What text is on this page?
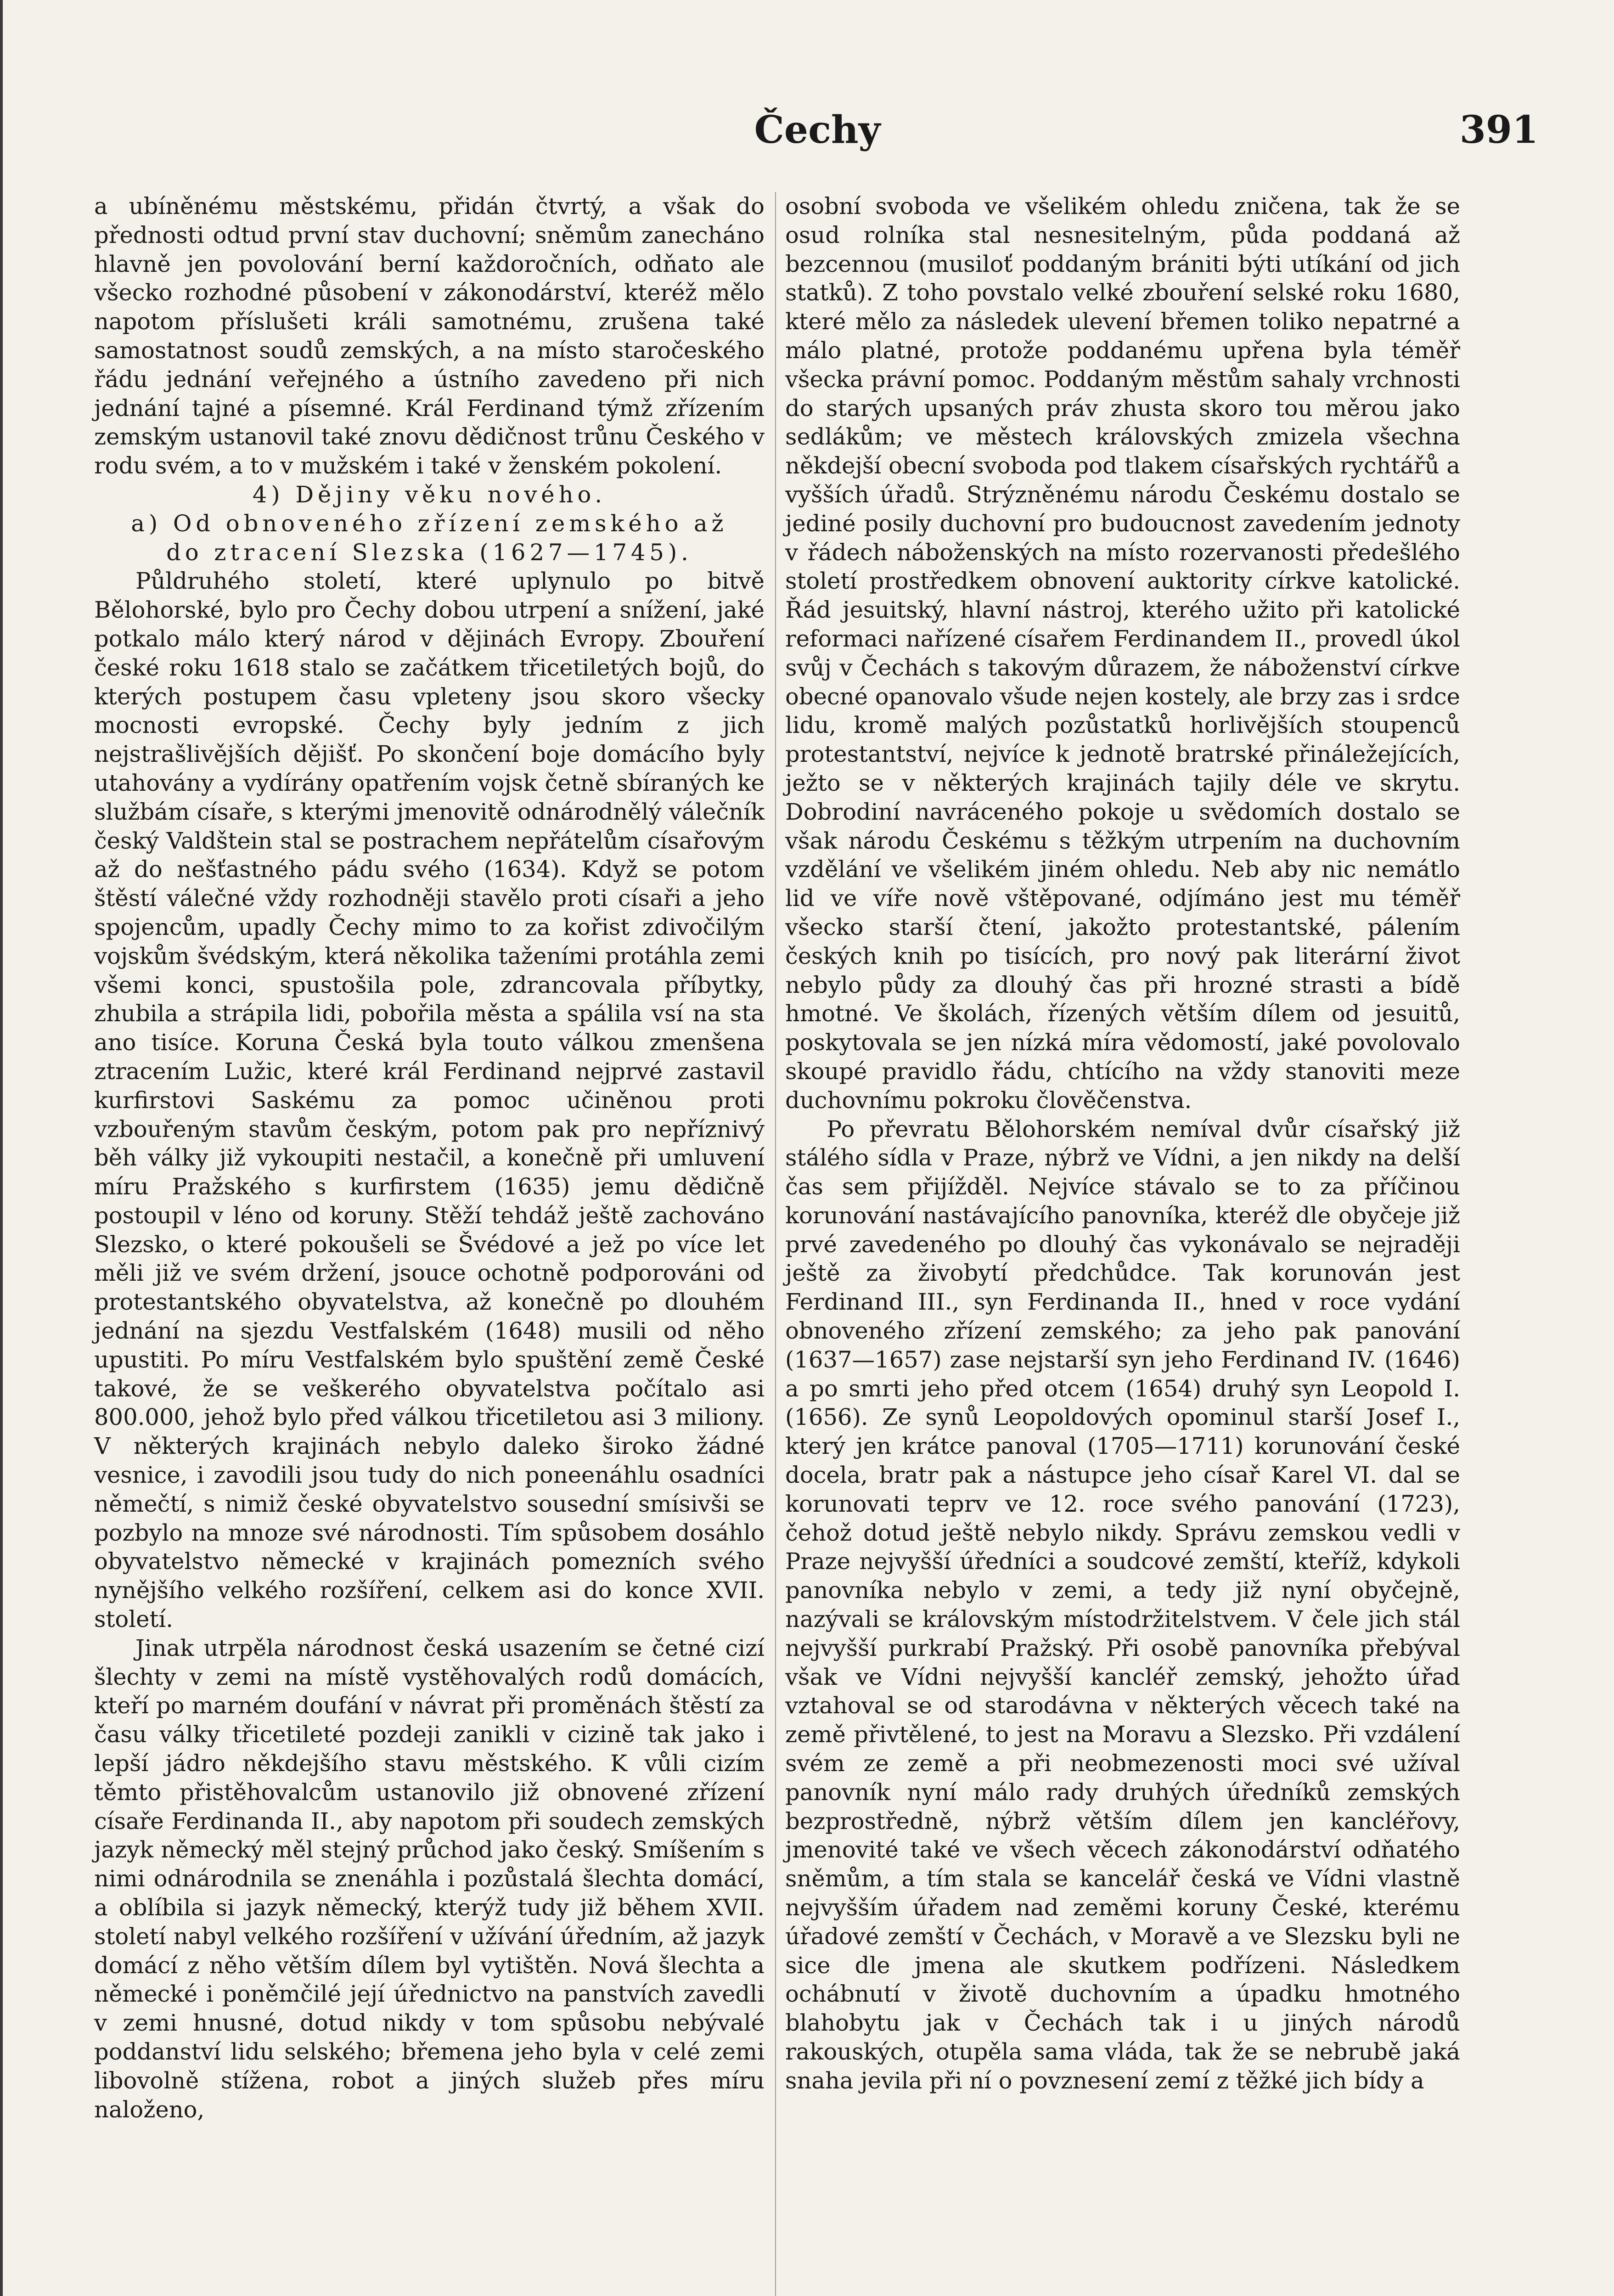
Čechy	391

a ubíněnému městskému, přidán čtvrtý, a však do přednosti odtud první stav duchovní; sněmům zanecháno hlavně jen povolování berní každoročních, odňato ale všecko rozhodné působení v zákonodárství, kteréž mělo napotom příslušeti králi samotnému, zrušena také samostatnost soudů zemských, a na místo staročeského řádu jednání veřejného a ústního zavedeno při nich jednání tajné a písemné. Král Ferdinand týmž zřízením zemským ustanovil také znovu dědičnost trůnu Českého v rodu svém, a to v mužském i také v ženském pokolení.

4) Dějiny věku nového.

a) Od obnoveného zřízení zemského až

do ztracení Slezska (1627—1745).

Půldruhého století, které uplynulo po bitvě Bělohorské, bylo pro Čechy dobou utrpení a snížení, jaké potkalo málo který národ v dějinách Evropy. Zbouření české roku 1618 stalo se začátkem třicetiletých bojů, do kterých postupem času vpleteny jsou skoro všecky mocnosti evropské. Čechy byly jedním z jich nejstrašlivějších dějišť. Po skončení boje domácího byly utahovány a vydírány opatřením vojsk četně sbíraných ke službám císaře, s kterými jmenovitě odnárodnělý válečník český Valdštein stal se postrachem nepřátelům císařovým až do nešťastného pádu svého (1634). Když se potom štěstí válečné vždy rozhodněji stavělo proti císaři a jeho spojencům, upadly Čechy mimo to za kořist zdivočilým vojskům švédským, která několika taženími protáhla zemi všemi konci, spustošila pole, zdrancovala příbytky, zhubila a strápila lidi, pobořila města a spálila vsí na sta ano tisíce. Koruna Česká byla touto válkou zmenšena ztracením Lužic, které král Ferdinand nejprvé zastavil kurfirstovi Saskému za pomoc učiněnou proti vzbouřeným stavům českým, potom pak pro nepříznivý běh války již vykoupiti nestačil, a konečně při umluvení míru Pražského s kurfirstem (1635) jemu dědičně postoupil v léno od koruny. Stěží tehdáž ještě zachováno Slezsko, o které pokoušeli se Švédové a jež po více let měli již ve svém držení, jsouce ochotně podporováni od protestantského obyvatelstva, až konečně po dlouhém jednání na sjezdu Vestfalském (1648) musili od něho upustiti. Po míru Vestfalském bylo spuštění země České takové, že se veškerého obyvatelstva počítalo asi 800.000, jehož bylo před válkou třicetiletou asi 3 miliony. V některých krajinách nebylo daleko široko žádné vesnice, i zavodili jsou tudy do nich poneenáhlu osadníci němečtí, s nimiž české obyvatelstvo sousední smísivši se pozbylo na mnoze své národnosti. Tím spůsobem dosáhlo obyvatelstvo německé v krajinách pomezních svého nynějšího velkého rozšíření, celkem asi do konce XVII. století.

Jinak utrpěla národnost česká usazením se četné cizí šlechty v zemi na místě vystěhovalých rodů domácích, kteří po marném doufání v návrat při proměnách štěstí za času války třicetileté pozdeji zanikli v cizině tak jako i lepší jádro někdejšího stavu městského. K vůli cizím těmto přistěhovalcům ustanovilo již obnovené zřízení císaře Ferdinanda II., aby napotom při soudech zemských jazyk německý měl stejný průchod jako český. Smíšením s nimi odnárodnila se znenáhla i pozůstalá šlechta domácí, a oblíbila si jazyk německý, kterýž tudy již během XVII. století nabyl velkého rozšíření v užívání úředním, až jazyk domácí z něho větším dílem byl vytištěn. Nová šlechta a německé i poněmčilé její úřednictvo na panstvích zavedli v zemi hnusné, dotud nikdy v tom spůsobu nebývalé poddanství lidu selského; břemena jeho byla v celé zemi libovolně stížena, robot a jiných služeb přes míru naloženo,

osobní svoboda ve všelikém ohledu zničena, tak že se osud rolníka stal nesnesitelným, půda poddaná až bezcennou (musiloť poddaným brániti býti utíkání od jich statků). Z toho povstalo velké zbouření selské roku 1680, které mělo za následek ulevení břemen toliko nepatrné a málo platné, protože poddanému upřena byla téměř všecka právní pomoc. Poddaným městům sahaly vrchnosti do starých upsaných práv zhusta skoro tou měrou jako sedlákům; ve městech královských zmizela všechna někdejší obecní svoboda pod tlakem císařských rychtářů a vyšších úřadů. Strýzněnému národu Českému dostalo se jediné posily duchovní pro budoucnost zavedením jednoty v řádech náboženských na místo rozervanosti předešlého století prostředkem obnovení auktority církve katolické. Řád jesuitský, hlavní nástroj, kterého užito při katolické reformaci nařízené císařem Ferdinandem II., provedl úkol svůj v Čechách s takovým důrazem, že náboženství církve obecné opanovalo všude nejen kostely, ale brzy zas i srdce lidu, kromě malých pozůstatků horlivějších stoupenců protestantství, nejvíce k jednotě bratrské přináležejících, ježto se v některých krajinách tajily déle ve skrytu. Dobrodiní navráceného pokoje u svědomích dostalo se však národu Českému s těžkým utrpením na duchovním vzdělání ve všelikém jiném ohledu. Neb aby nic nemátlo lid ve víře nově vštěpované, odjímáno jest mu téměř všecko starší čtení, jakožto protestantské, pálením českých knih po tisících, pro nový pak literární život nebylo půdy za dlouhý čas při hrozné strasti a bídě hmotné. Ve školách, řízených větším dílem od jesuitů, poskytovala se jen nízká míra vědomostí, jaké povolovalo skoupé pravidlo řádu, chtícího na vždy stanoviti meze duchovnímu pokroku člověčenstva.

Po převratu Bělohorském nemíval dvůr císařský již stálého sídla v Praze, nýbrž ve Vídni, a jen nikdy na delší čas sem přijížděl. Nejvíce stávalo se to za příčinou korunování nastávajícího panovníka, kteréž dle obyčeje již prvé zavedeného po dlouhý čas vykonávalo se nejraději ještě za živobytí předchůdce. Tak korunován jest Ferdinand III., syn Ferdinanda II., hned v roce vydání obnoveného zřízení zemského; za jeho pak panování (1637—1657) zase nejstarší syn jeho Ferdinand IV. (1646) a po smrti jeho před otcem (1654) druhý syn Leopold I. (1656). Ze synů Leopoldových opominul starší Josef I., který jen krátce panoval (1705—1711) korunování české docela, bratr pak a nástupce jeho císař Karel VI. dal se korunovati teprv ve 12. roce svého panování (1723), čehož dotud ještě nebylo nikdy. Správu zemskou vedli v Praze nejvyšší úředníci a soudcové zemští, kteříž, kdykoli panovníka nebylo v zemi, a tedy již nyní obyčejně, nazývali se královským místodržitelstvem. V čele jich stál nejvyšší purkrabí Pražský. Při osobě panovníka přebýval však ve Vídni nejvyšší kancléř zemský, jehožto úřad vztahoval se od starodávna v některých věcech také na země přivtělené, to jest na Moravu a Slezsko. Při vzdálení svém ze země a při neobmezenosti moci své užíval panovník nyní málo rady druhých úředníků zemských bezprostředně, nýbrž větším dílem jen kancléřovy, jmenovité také ve všech věcech zákonodárství odňatého sněmům, a tím stala se kancelář česká ve Vídni vlastně nejvyšším úřadem nad zeměmi koruny České, kterému úřadové zemští v Čechách, v Moravě a ve Slezsku byli ne sice dle jmena ale skutkem podřízeni. Následkem ochábnutí v životě duchovním a úpadku hmotného blahobytu jak v Čechách tak i u jiných národů rakouských, otupěla sama vláda, tak že se nebrubě jaká snaha jevila při ní o povznesení zemí z těžké jich bídy a
